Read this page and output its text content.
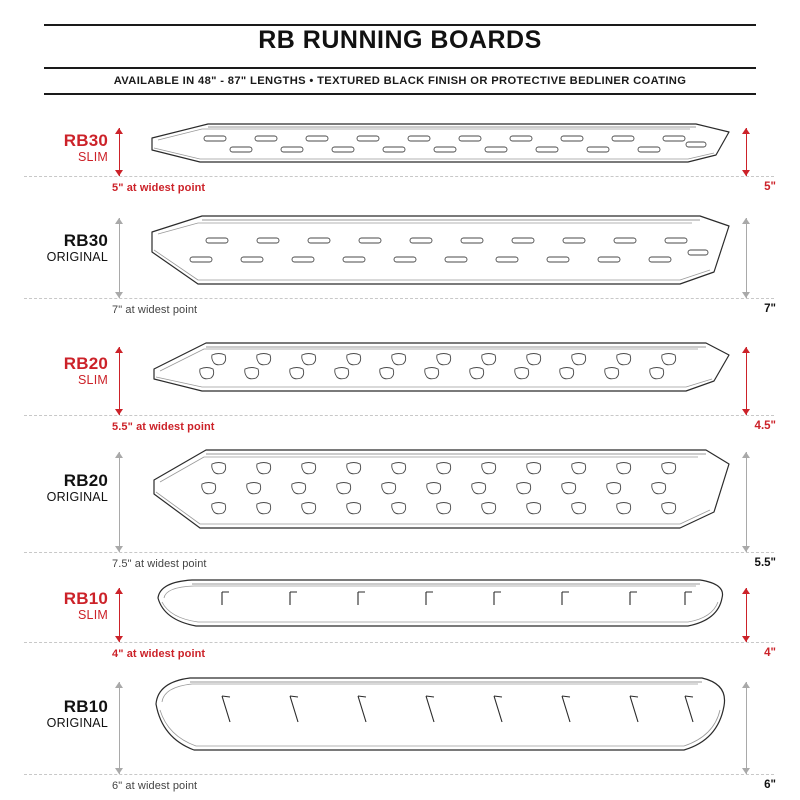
RB RUNNING BOARDS
AVAILABLE IN 48" - 87" LENGTHS • TEXTURED BLACK FINISH OR PROTECTIVE BEDLINER COATING
RB30
SLIM
5" at widest point	5"
RB30
ORIGINAL
7" at widest point	7"
RB20
SLIM
5.5" at widest point	4.5"
RB20
ORIGINAL
7.5" at widest point	5.5"
RB10
SLIM
4" at widest point	4"
RB10
ORIGINAL
6" at widest point	6"
